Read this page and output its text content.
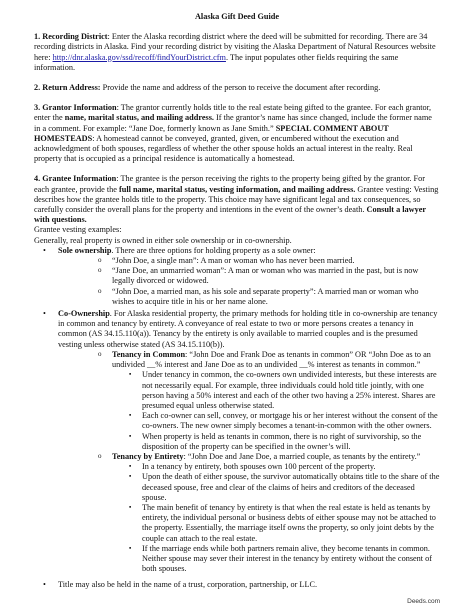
Alaska Gift Deed Guide

1. Recording District: Enter the Alaska recording district where the deed will be submitted for recording. There are 34 recording districts in Alaska. Find your recording district by visiting the Alaska Department of Natural Resources website here: http://dnr.alaska.gov/ssd/recoff/findYourDistrict.cfm. The input populates other fields requiring the same information.

2. Return Address: Provide the name and address of the person to receive the document after recording.

3. Grantor Information: The grantor currently holds title to the real estate being gifted to the grantee. For each grantor, enter the name, marital status, and mailing address. If the grantor’s name has since changed, include the former name in a comment. For example: “Jane Doe, formerly known as Jane Smith.” SPECIAL COMMENT ABOUT HOMESTEADS: A homestead cannot be conveyed, granted, given, or encumbered without the execution and acknowledgment of both spouses, regardless of whether the other spouse holds an actual interest in the realty. Real property that is occupied as a principal residence is automatically a homestead.

4. Grantee Information: The grantee is the person receiving the rights to the property being gifted by the grantor. For each grantee, provide the full name, marital status, vesting information, and mailing address. Grantee vesting: Vesting describes how the grantee holds title to the property. This choice may have significant legal and tax consequences, so carefully consider the overall plans for the property and intentions in the event of the owner’s death. Consult a lawyer with questions.

Grantee vesting examples:

Generally, real property is owned in either sole ownership or in co-ownership.

• Sole ownership. There are three options for holding property as a sole owner:
o “John Doe, a single man”: A man or woman who has never been married.
o “Jane Doe, an unmarried woman”: A man or woman who was married in the past, but is now legally divorced or widowed.
o “John Doe, a married man, as his sole and separate property”: A married man or woman who wishes to acquire title in his or her name alone.
• Co-Ownership. For Alaska residential property, the primary methods for holding title in co-ownership are tenancy in common and tenancy by entirety. A conveyance of real estate to two or more persons creates a tenancy in common (AS 34.15.110(a)). Tenancy by the entirety is only available to married couples and is the presumed vesting unless otherwise stated (AS 34.15.110(b)).
o Tenancy in Common: “John Doe and Frank Doe as tenants in common” OR “John Doe as to an undivided __% interest and Jane Doe as to an undivided __% interest as tenants in common.”
▪ Under tenancy in common, the co-owners own undivided interests, but these interests are not necessarily equal. For example, three individuals could hold title jointly, with one person having a 50% interest and each of the other two having a 25% interest. Shares are presumed equal unless otherwise stated.
▪ Each co-owner can sell, convey, or mortgage his or her interest without the consent of the co-owners. The new owner simply becomes a tenant-in-common with the other owners.
▪ When property is held as tenants in common, there is no right of survivorship, so the disposition of the property can be specified in the owner’s will.
o Tenancy by Entirety: “John Doe and Jane Doe, a married couple, as tenants by the entirety.”
▪ In a tenancy by entirety, both spouses own 100 percent of the property.
▪ Upon the death of either spouse, the survivor automatically obtains title to the share of the deceased spouse, free and clear of the claims of heirs and creditors of the deceased spouse.
▪ The main benefit of tenancy by entirety is that when the real estate is held as tenants by entirety, the individual personal or business debts of either spouse may not be attached to the property. Essentially, the marriage itself owns the property, so only joint debts by the couple can attach to the real estate.
▪ If the marriage ends while both partners remain alive, they become tenants in common. Neither spouse may sever their interest in the tenancy by entirety without the consent of both spouses.
• Title may also be held in the name of a trust, corporation, partnership, or LLC.
Deeds.com
